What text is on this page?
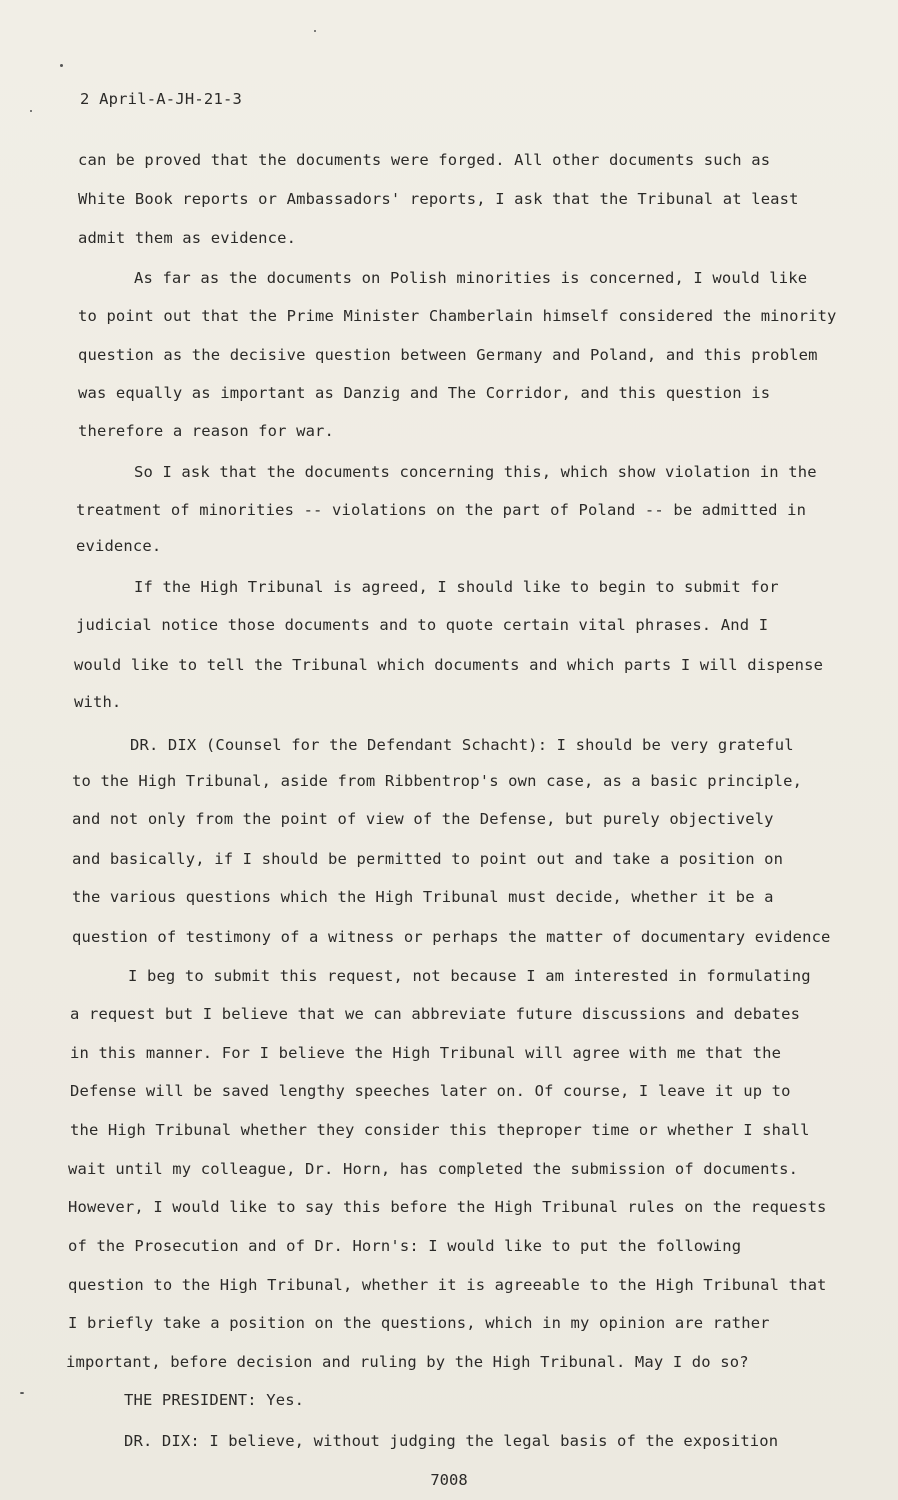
2 April-A-JH-21-3
can be proved that the documents were forged. All other documents such as
White Book reports or Ambassadors' reports, I ask that the Tribunal at least
admit them as evidence.
As far as the documents on Polish minorities is concerned, I would like
to point out that the Prime Minister Chamberlain himself considered the minority
question as the decisive question between Germany and Poland, and this problem
was equally as important as Danzig and The Corridor, and this question is
therefore a reason for war.
So I ask that the documents concerning this, which show violation in the
treatment of minorities -- violations on the part of Poland -- be admitted in
evidence.
If the High Tribunal is agreed, I should like to begin to submit for
judicial notice those documents and to quote certain vital phrases. And I
would like to tell the Tribunal which documents and which parts I will dispense
with.
DR. DIX (Counsel for the Defendant Schacht): I should be very grateful
to the High Tribunal, aside from Ribbentrop's own case, as a basic principle,
and not only from the point of view of the Defense, but purely objectively
and basically, if I should be permitted to point out and take a position on
the various questions which the High Tribunal must decide, whether it be a
question of testimony of a witness or perhaps the matter of documentary evidence
I beg to submit this request, not because I am interested in formulating
a request but I believe that we can abbreviate future discussions and debates
in this manner. For I believe the High Tribunal will agree with me that the
Defense will be saved lengthy speeches later on. Of course, I leave it up to
the High Tribunal whether they consider this theproper time or whether I shall
wait until my colleague, Dr. Horn, has completed the submission of documents.
However, I would like to say this before the High Tribunal rules on the requests
of the Prosecution and of Dr. Horn's: I would like to put the following
question to the High Tribunal, whether it is agreeable to the High Tribunal that
I briefly take a position on the questions, which in my opinion are rather
important, before decision and ruling by the High Tribunal. May I do so?
THE PRESIDENT: Yes.
DR. DIX: I believe, without judging the legal basis of the exposition
7008
